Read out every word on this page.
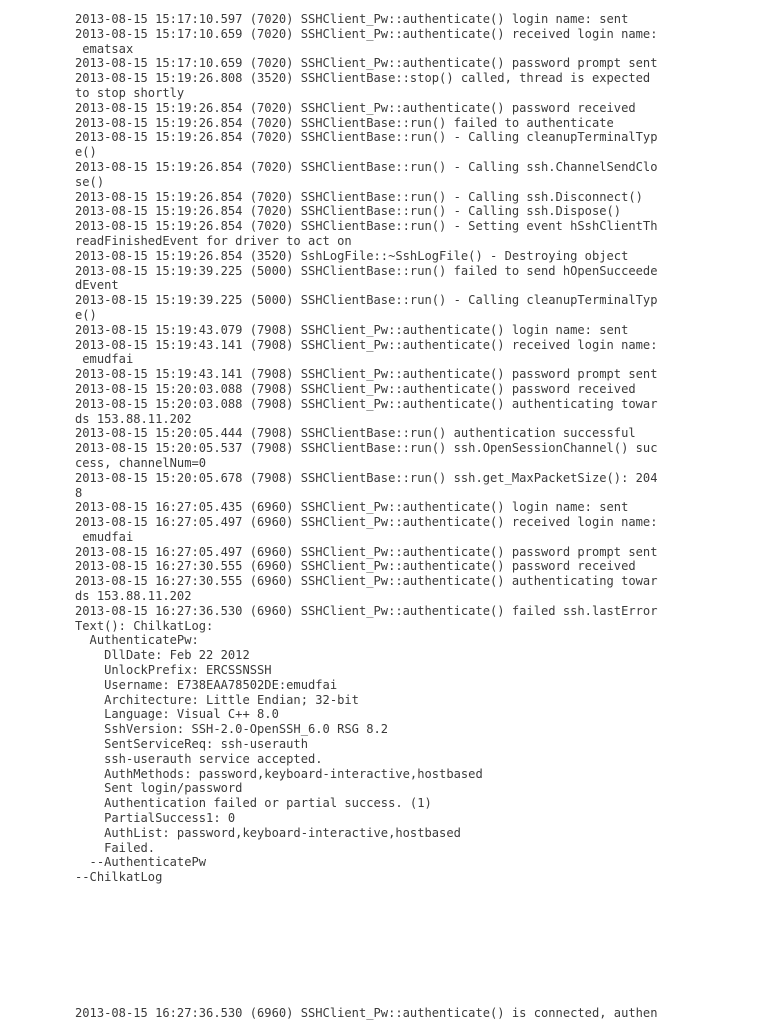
2013-08-15 15:17:10.597 (7020) SSHClient_Pw::authenticate() login name: sent
2013-08-15 15:17:10.659 (7020) SSHClient_Pw::authenticate() received login name:
ematsax
2013-08-15 15:17:10.659 (7020) SSHClient_Pw::authenticate() password prompt sent
2013-08-15 15:19:26.808 (3520) SSHClientBase::stop() called, thread is expected
to stop shortly
2013-08-15 15:19:26.854 (7020) SSHClient_Pw::authenticate() password received
2013-08-15 15:19:26.854 (7020) SSHClientBase::run() failed to authenticate
2013-08-15 15:19:26.854 (7020) SSHClientBase::run() - Calling cleanupTerminalTyp
e()
2013-08-15 15:19:26.854 (7020) SSHClientBase::run() - Calling ssh.ChannelSendClo
se()
2013-08-15 15:19:26.854 (7020) SSHClientBase::run() - Calling ssh.Disconnect()
2013-08-15 15:19:26.854 (7020) SSHClientBase::run() - Calling ssh.Dispose()
2013-08-15 15:19:26.854 (7020) SSHClientBase::run() - Setting event hSshClientTh
readFinishedEvent for driver to act on
2013-08-15 15:19:26.854 (3520) SshLogFile::~SshLogFile() - Destroying object
2013-08-15 15:19:39.225 (5000) SSHClientBase::run() failed to send hOpenSucceede
dEvent
2013-08-15 15:19:39.225 (5000) SSHClientBase::run() - Calling cleanupTerminalTyp
e()
2013-08-15 15:19:43.079 (7908) SSHClient_Pw::authenticate() login name: sent
2013-08-15 15:19:43.141 (7908) SSHClient_Pw::authenticate() received login name:
emudfai
2013-08-15 15:19:43.141 (7908) SSHClient_Pw::authenticate() password prompt sent
2013-08-15 15:20:03.088 (7908) SSHClient_Pw::authenticate() password received
2013-08-15 15:20:03.088 (7908) SSHClient_Pw::authenticate() authenticating towar
ds 153.88.11.202
2013-08-15 15:20:05.444 (7908) SSHClientBase::run() authentication successful
2013-08-15 15:20:05.537 (7908) SSHClientBase::run() ssh.OpenSessionChannel() suc
cess, channelNum=0
2013-08-15 15:20:05.678 (7908) SSHClientBase::run() ssh.get_MaxPacketSize(): 204
8
2013-08-15 16:27:05.435 (6960) SSHClient_Pw::authenticate() login name: sent
2013-08-15 16:27:05.497 (6960) SSHClient_Pw::authenticate() received login name:
emudfai
2013-08-15 16:27:05.497 (6960) SSHClient_Pw::authenticate() password prompt sent
2013-08-15 16:27:30.555 (6960) SSHClient_Pw::authenticate() password received
2013-08-15 16:27:30.555 (6960) SSHClient_Pw::authenticate() authenticating towar
ds 153.88.11.202
2013-08-15 16:27:36.530 (6960) SSHClient_Pw::authenticate() failed ssh.lastError
Text(): ChilkatLog:
AuthenticatePw:
DllDate: Feb 22 2012
UnlockPrefix: ERCSSNSSH
Username: E738EAA78502DE:emudfai
Architecture: Little Endian; 32-bit
Language: Visual C++ 8.0
SshVersion: SSH-2.0-OpenSSH_6.0 RSG 8.2
SentServiceReq: ssh-userauth
ssh-userauth service accepted.
AuthMethods: password,keyboard-interactive,hostbased
Sent login/password
Authentication failed or partial success. (1)
PartialSuccess1: 0
AuthList: password,keyboard-interactive,hostbased
Failed.
--AuthenticatePw
--ChilkatLog
2013-08-15 16:27:36.530 (6960) SSHClient_Pw::authenticate() is connected, authen
